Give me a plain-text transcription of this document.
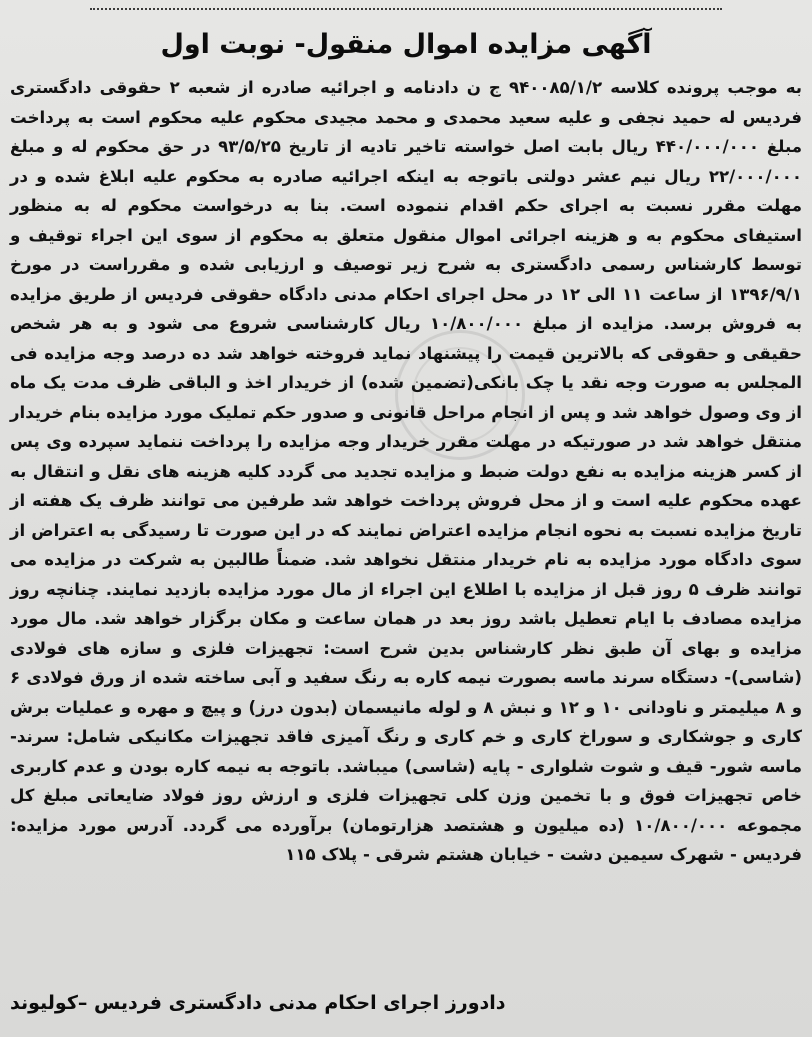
آگهی مزایده اموال منقول- نوبت اول
به موجب پرونده کلاسه ۹۴۰۰۸۵/۱/۲ ج ن دادنامه و اجرائیه صادره از شعبه ۲ حقوقی دادگستری فردیس له حمید نجفی و علیه سعید محمدی و محمد مجیدی محکوم علیه محکوم است به پرداخت مبلغ ۴۴۰/۰۰۰/۰۰۰ ریال بابت اصل خواسته تاخیر تادیه از تاریخ ۹۳/۵/۲۵ در حق محکوم له و مبلغ ۲۲/۰۰۰/۰۰۰ ریال نیم عشر دولتی باتوجه به اینکه اجرائیه صادره به محکوم علیه ابلاغ شده و در مهلت مقرر نسبت به اجرای حکم اقدام ننموده است. بنا به درخواست محکوم له به منظور استیفای محکوم به و هزینه اجرائی اموال منقول متعلق به محکوم از سوی این اجراء توقیف و توسط کارشناس رسمی دادگستری به شرح زیر توصیف و ارزیابی شده و مقرراست در مورخ ۱۳۹۶/۹/۱ از ساعت ۱۱ الی ۱۲ در محل اجرای احکام مدنی دادگاه حقوقی فردیس از طریق مزایده به فروش برسد. مزایده از مبلغ ۱۰/۸۰۰/۰۰۰ ریال کارشناسی شروع می شود و به هر شخص حقیقی و حقوقی که بالاترین قیمت را پیشنهاد نماید فروخته خواهد شد ده درصد وجه مزایده فی المجلس به صورت وجه نقد یا چک بانکی(تضمین شده) از خریدار اخذ و الباقی ظرف مدت یک ماه از وی وصول خواهد شد و پس از انجام مراحل قانونی و صدور حکم تملیک مورد مزایده بنام خریدار منتقل خواهد شد در صورتیکه در مهلت مقرر خریدار وجه مزایده را پرداخت ننماید سپرده وی پس از کسر هزینه مزایده به نفع دولت ضبط و مزایده تجدید می گردد کلیه هزینه های نقل و انتقال به عهده محکوم علیه است و از محل فروش پرداخت خواهد شد طرفین می توانند ظرف یک هفته از تاریخ مزایده نسبت به نحوه انجام مزایده اعتراض نمایند که در این صورت تا رسیدگی به اعتراض از سوی دادگاه مورد مزایده به نام خریدار منتقل نخواهد شد. ضمناً طالبین به شرکت در مزایده می توانند ظرف ۵ روز قبل از مزایده با اطلاع این اجراء از مال مورد مزایده بازدید نمایند. چنانچه روز مزایده مصادف با ایام تعطیل باشد روز بعد در همان ساعت و مکان برگزار خواهد شد. مال مورد مزایده و بهای آن طبق نظر کارشناس بدین شرح است: تجهیزات فلزی و سازه های فولادی (شاسی)- دستگاه سرند ماسه بصورت نیمه کاره به رنگ سفید و آبی ساخته شده از ورق فولادی ۶ و ۸ میلیمتر و ناودانی ۱۰ و ۱۲ و نبش ۸ و لوله مانیسمان (بدون درز) و پیچ و مهره و عملیات برش کاری و جوشکاری و سوراخ کاری و خم کاری و رنگ آمیزی فاقد تجهیزات مکانیکی شامل: سرند- ماسه شور- قیف و شوت شلواری - پایه (شاسی) میباشد. باتوجه به نیمه کاره بودن و عدم کاربری خاص تجهیزات فوق و با تخمین وزن کلی تجهیزات فلزی و ارزش روز فولاد ضایعاتی مبلغ کل مجموعه ۱۰/۸۰۰/۰۰۰ (ده میلیون و هشتصد هزارتومان) برآورده می گردد. آدرس مورد مزایده: فردیس - شهرک سیمین دشت - خیابان هشتم شرقی - پلاک ۱۱۵
دادورز اجرای احکام مدنی دادگستری فردیس –کولیوند
